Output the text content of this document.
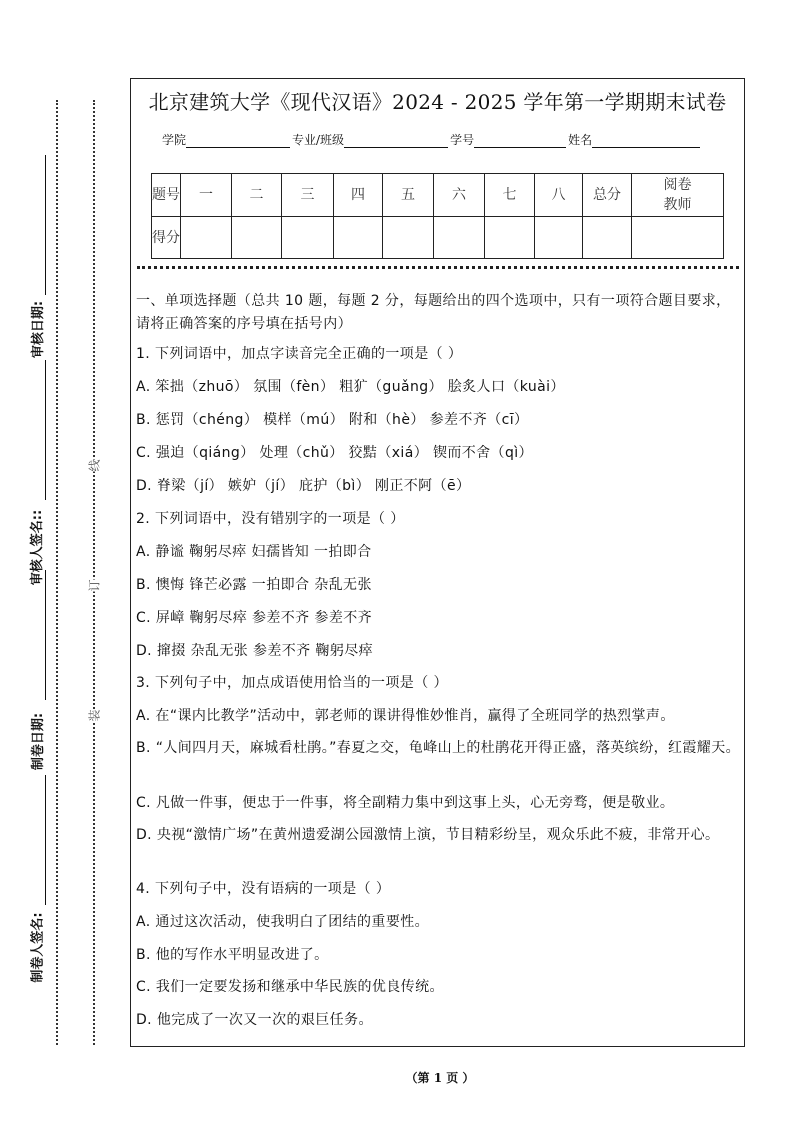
审核日期:
审核人签名::
制卷日期:
制卷人签名:
线
订
装
北京建筑大学《现代汉语》2024 - 2025 学年第一学期期末试卷
学院	专业/班级	学号	姓名
题号	一	二	三	四	五	六	七	八	总分	阅卷教师
得分										
一、单项选择题（总共 10 题，每题 2 分，每题给出的四个选项中，只有一项符合题目要求，请将正确答案的序号填在括号内）
1. 下列词语中，加点字读音完全正确的一项是（ ）
A. 笨拙（zhuō） 氛围（fèn） 粗犷（guǎng） 脍炙人口（kuài）
B. 惩罚（chéng） 模样（mú） 附和（hè） 参差不齐（cī）
C. 强迫（qiáng） 处理（chǔ） 狡黠（xiá） 锲而不舍（qì）
D. 脊梁（jí） 嫉妒（jí） 庇护（bì） 刚正不阿（ē）
2. 下列词语中，没有错别字的一项是（ ）
A. 静谧 鞠躬尽瘁 妇孺皆知 一拍即合
B. 懊悔 锋芒必露 一拍即合 杂乱无张
C. 屏嶂 鞠躬尽瘁 参差不齐 参差不齐
D. 撺掇 杂乱无张 参差不齐 鞠躬尽瘁
3. 下列句子中，加点成语使用恰当的一项是（ ）
A. 在“课内比教学”活动中，郭老师的课讲得惟妙惟肖，赢得了全班同学的热烈掌声。
B. “人间四月天，麻城看杜鹃。”春夏之交，龟峰山上的杜鹃花开得正盛，落英缤纷，红霞耀天。
C. 凡做一件事，便忠于一件事，将全副精力集中到这事上头，心无旁骛，便是敬业。
D. 央视“激情广场”在黄州遗爱湖公园激情上演，节目精彩纷呈，观众乐此不疲，非常开心。
4. 下列句子中，没有语病的一项是（ ）
A. 通过这次活动，使我明白了团结的重要性。
B. 他的写作水平明显改进了。
C. 我们一定要发扬和继承中华民族的优良传统。
D. 他完成了一次又一次的艰巨任务。
（第 1 页 ）
